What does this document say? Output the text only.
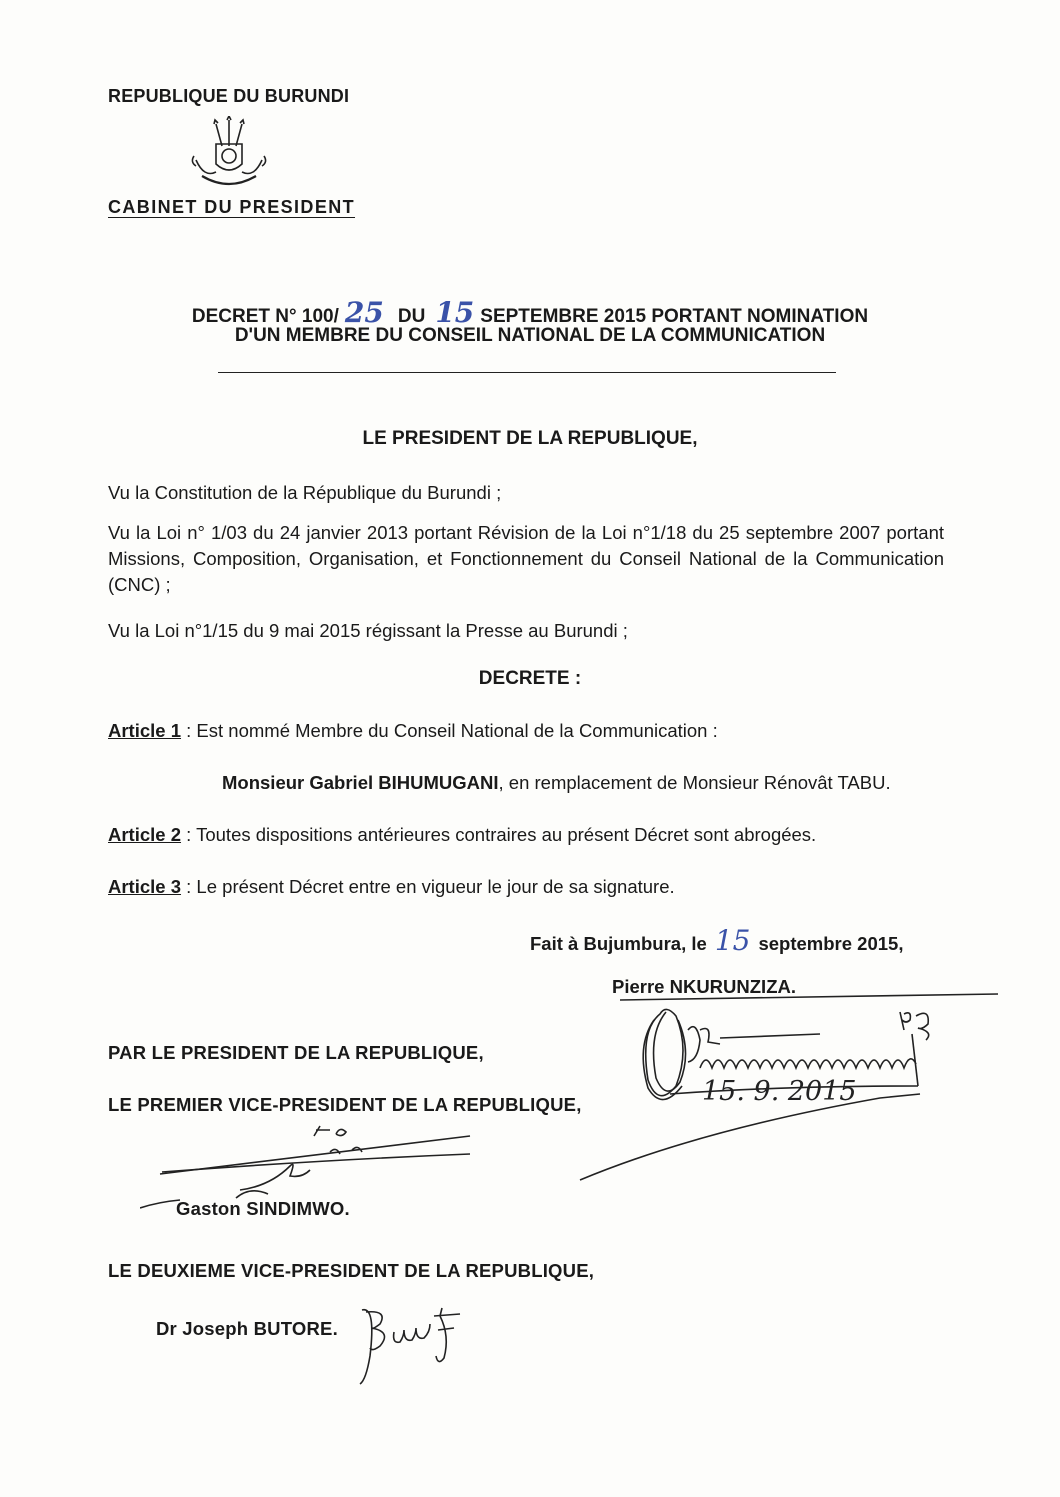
REPUBLIQUE DU BURUNDI
CABINET DU PRESIDENT
DECRET N° 100/ 25 DU 15 SEPTEMBRE 2015 PORTANT NOMINATION
D'UN MEMBRE DU CONSEIL NATIONAL DE LA COMMUNICATION
LE PRESIDENT DE LA REPUBLIQUE,
Vu la Constitution de la République du Burundi ;
Vu la Loi n° 1/03 du 24 janvier 2013 portant Révision de la Loi n°1/18 du 25 septembre 2007 portant Missions, Composition, Organisation, et Fonctionnement du Conseil National de la Communication (CNC) ;
Vu la Loi n°1/15 du 9 mai 2015 régissant la Presse au Burundi ;
DECRETE :
Article 1 : Est nommé Membre du Conseil National de la Communication :
Monsieur Gabriel BIHUMUGANI, en remplacement de Monsieur Rénovât TABU.
Article 2 : Toutes dispositions antérieures contraires au présent Décret sont abrogées.
Article 3 : Le présent Décret entre en vigueur le jour de sa signature.
Fait à Bujumbura, le 15 septembre 2015,
Pierre NKURUNZIZA.
15. 9. 2015
PAR LE PRESIDENT DE LA REPUBLIQUE,
LE PREMIER VICE-PRESIDENT DE LA REPUBLIQUE,
Gaston SINDIMWO.
LE DEUXIEME VICE-PRESIDENT DE LA REPUBLIQUE,
Dr Joseph BUTORE.
